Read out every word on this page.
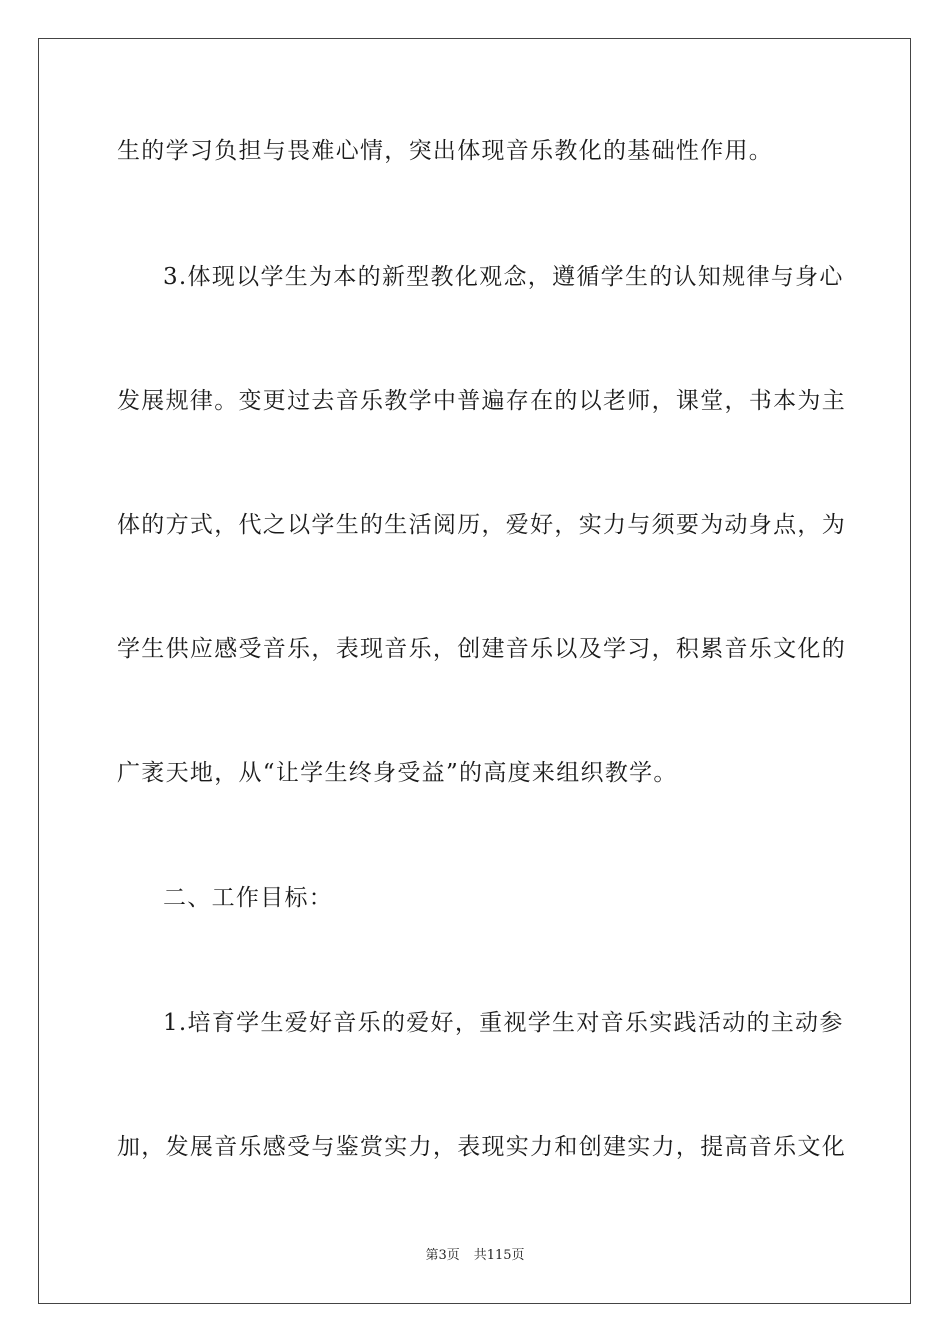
生的学习负担与畏难心情，突出体现音乐教化的基础性作用。
3.体现以学生为本的新型教化观念，遵循学生的认知规律与身心
发展规律。变更过去音乐教学中普遍存在的以老师，课堂，书本为主
体的方式，代之以学生的生活阅历，爱好，实力与须要为动身点，为
学生供应感受音乐，表现音乐，创建音乐以及学习，积累音乐文化的
广袤天地，从“让学生终身受益”的高度来组织教学。
二、工作目标：
1.培育学生爱好音乐的爱好，重视学生对音乐实践活动的主动参
加，发展音乐感受与鉴赏实力，表现实力和创建实力，提高音乐文化
第3页 共115页
